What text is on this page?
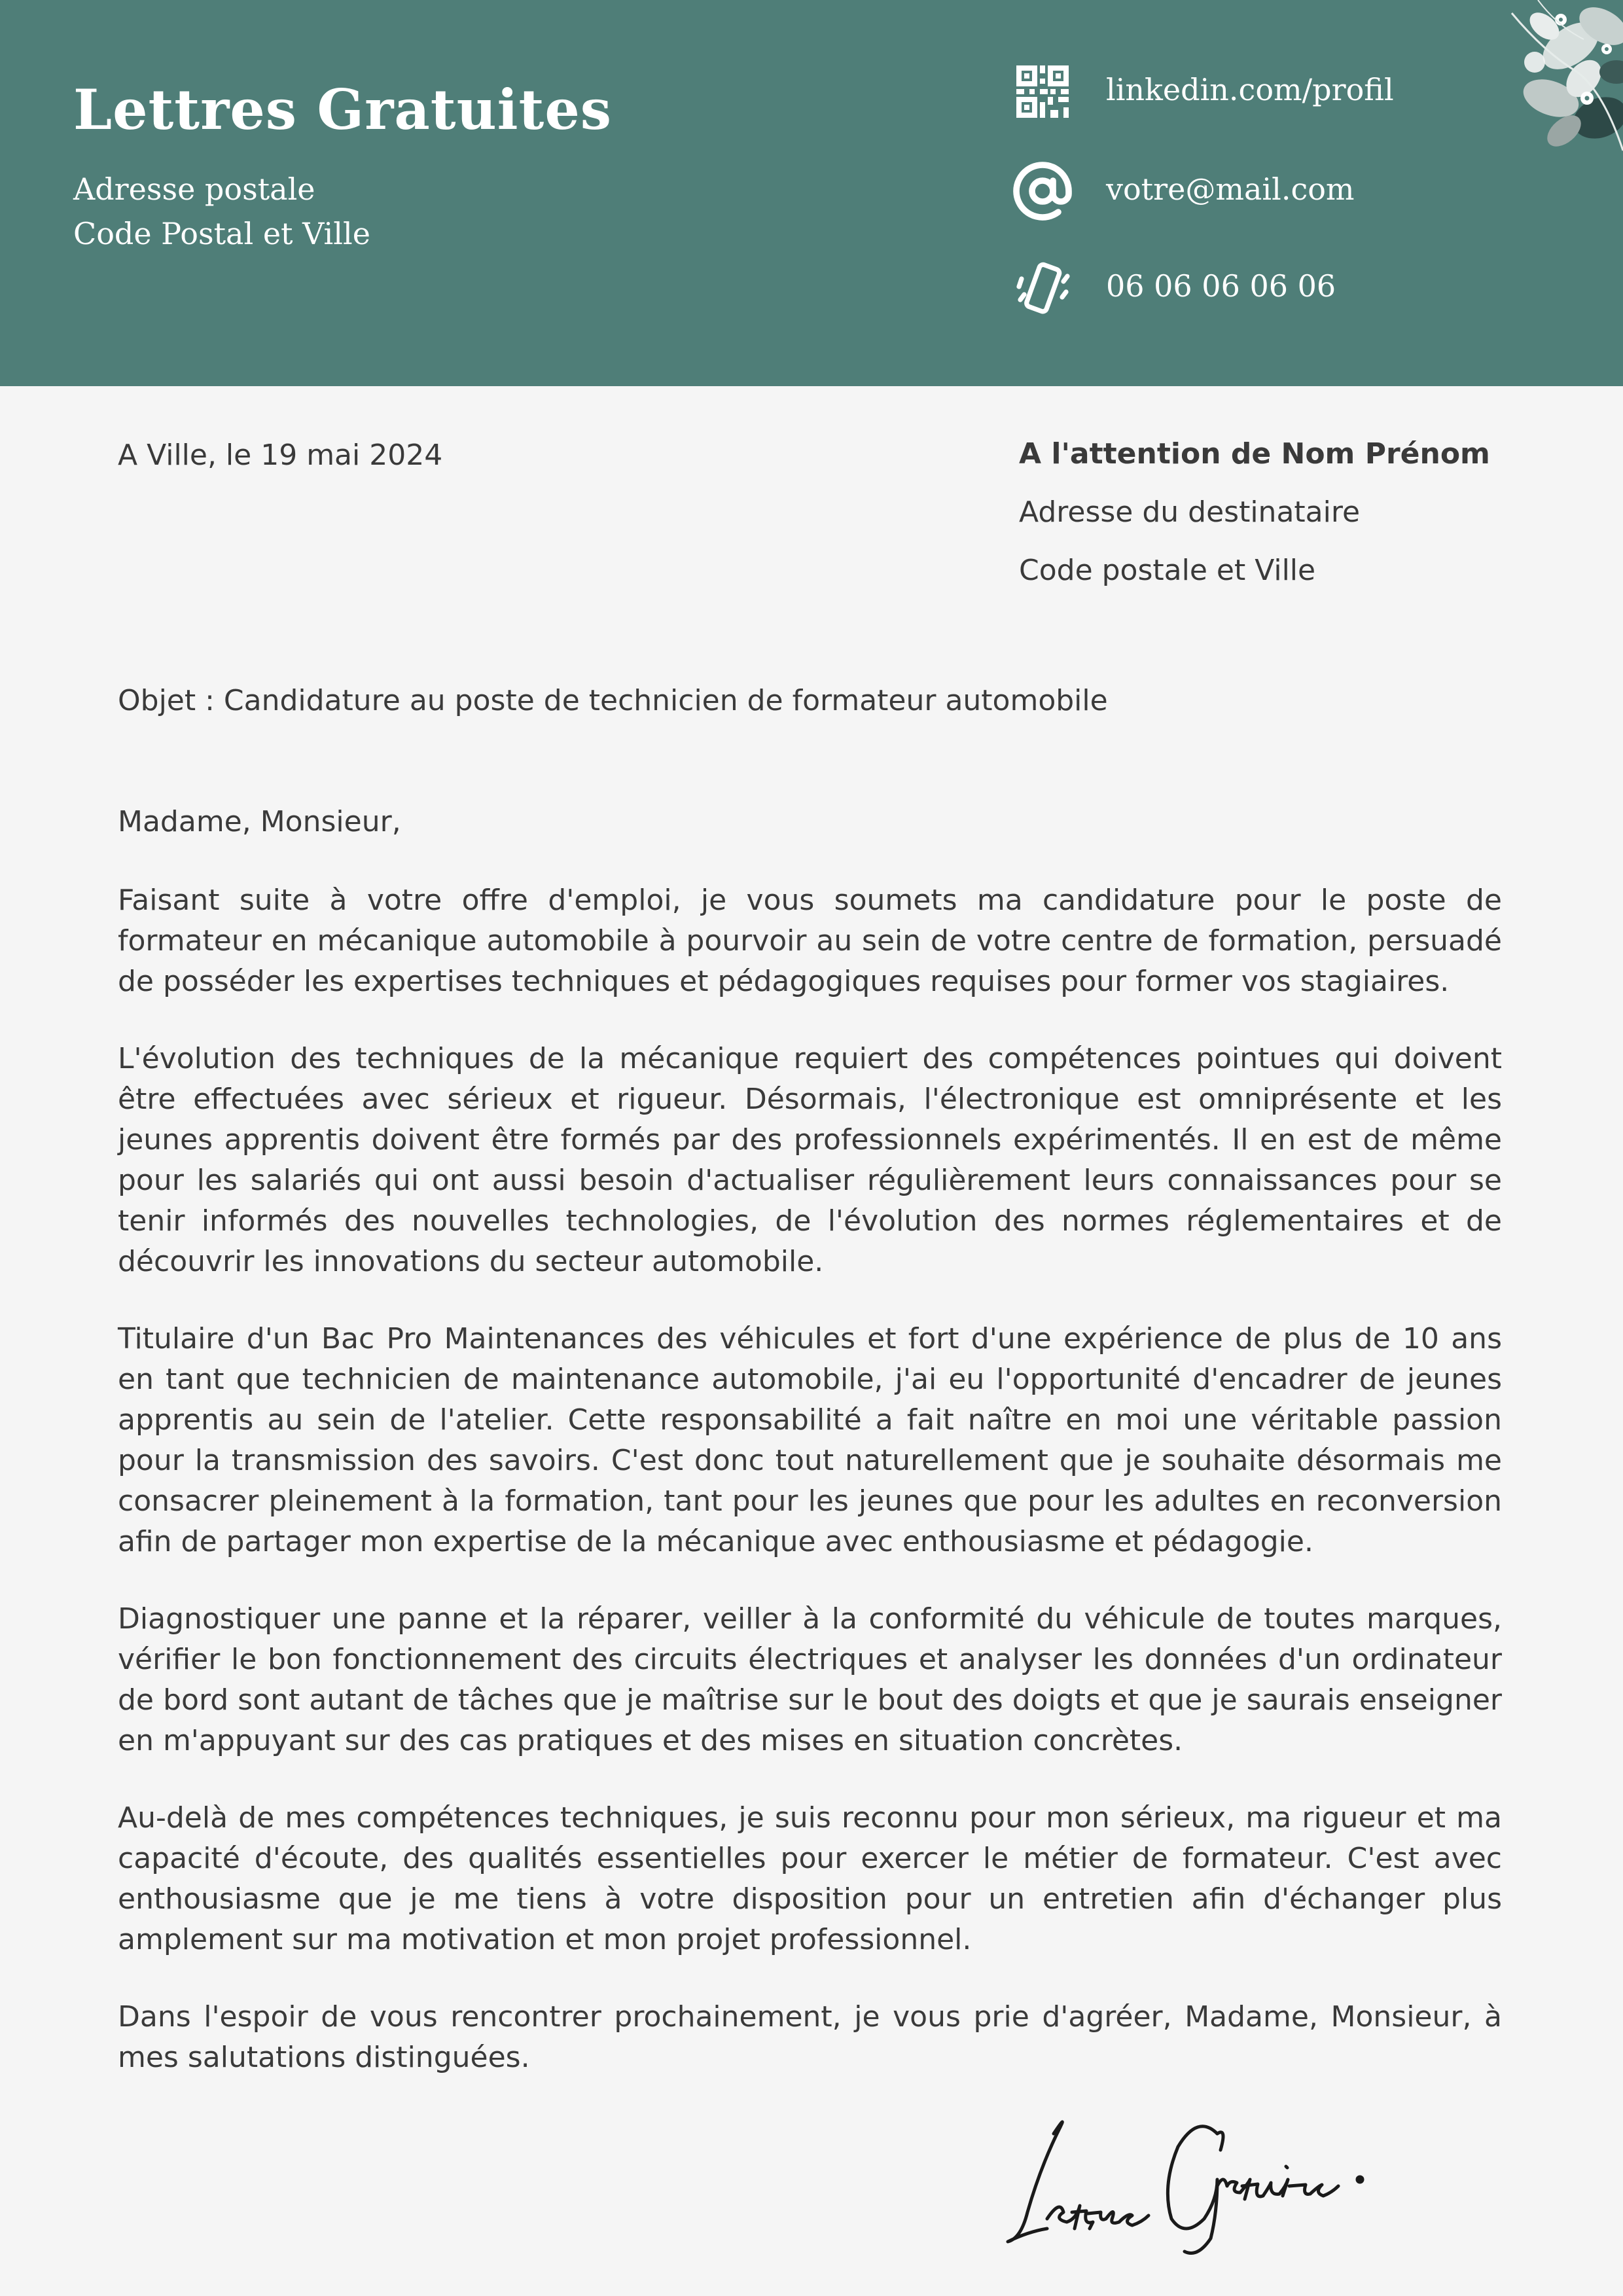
Lettres Gratuites
Adresse postale
Code Postal et Ville
linkedin.com/profil
votre@mail.com
06 06 06 06 06
A Ville, le 19 mai 2024	A l'attention de Nom Prénom
Adresse du destinataire
Code postale et Ville
Objet : Candidature au poste de technicien de formateur automobile
Madame, Monsieur,

Faisant suite à votre offre d'emploi, je vous soumets ma candidature pour le poste de formateur en mécanique automobile à pourvoir au sein de votre centre de formation, persuadé de posséder les expertises techniques et pédagogiques requises pour former vos stagiaires.

L'évolution des techniques de la mécanique requiert des compétences pointues qui doivent être effectuées avec sérieux et rigueur. Désormais, l'électronique est omniprésente et les jeunes apprentis doivent être formés par des professionnels expérimentés. Il en est de même pour les salariés qui ont aussi besoin d'actualiser régulièrement leurs connaissances pour se tenir informés des nouvelles technologies, de l'évolution des normes réglementaires et de découvrir les innovations du secteur automobile.

Titulaire d'un Bac Pro Maintenances des véhicules et fort d'une expérience de plus de 10 ans en tant que technicien de maintenance automobile, j'ai eu l'opportunité d'encadrer de jeunes apprentis au sein de l'atelier. Cette responsabilité a fait naître en moi une véritable passion pour la transmission des savoirs. C'est donc tout naturellement que je souhaite désormais me consacrer pleinement à la formation, tant pour les jeunes que pour les adultes en reconversion afin de partager mon expertise de la mécanique avec enthousiasme et pédagogie.

Diagnostiquer une panne et la réparer, veiller à la conformité du véhicule de toutes marques, vérifier le bon fonctionnement des circuits électriques et analyser les données d'un ordinateur de bord sont autant de tâches que je maîtrise sur le bout des doigts et que je saurais enseigner en m'appuyant sur des cas pratiques et des mises en situation concrètes.

Au-delà de mes compétences techniques, je suis reconnu pour mon sérieux, ma rigueur et ma capacité d'écoute, des qualités essentielles pour exercer le métier de formateur. C'est avec enthousiasme que je me tiens à votre disposition pour un entretien afin d'échanger plus amplement sur ma motivation et mon projet professionnel.

Dans l'espoir de vous rencontrer prochainement, je vous prie d'agréer, Madame, Monsieur, à mes salutations distinguées.
